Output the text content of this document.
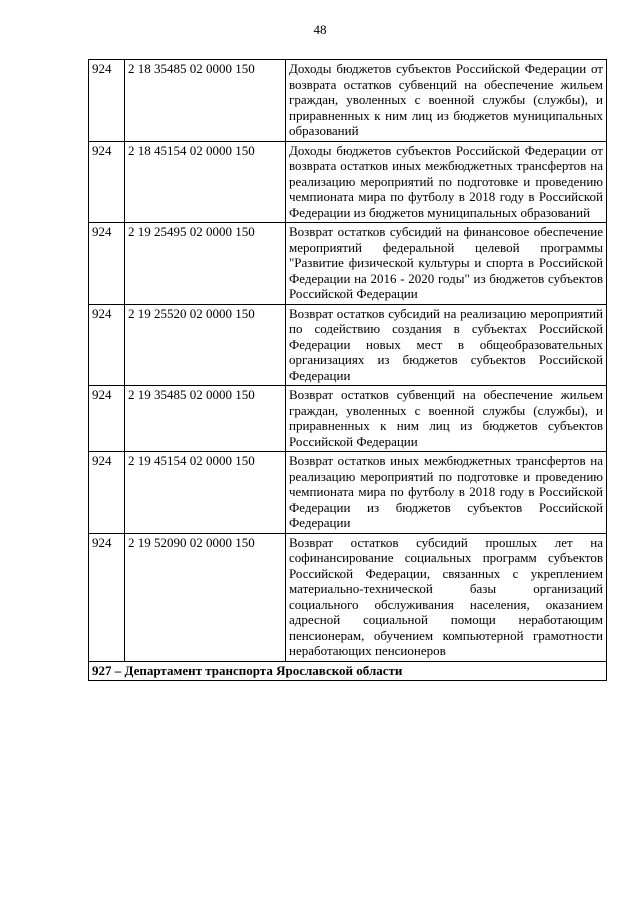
48
924	2 18 35485 02 0000 150	Доходы бюджетов субъектов Российской Федерации от возврата остатков субвенций на обеспечение жильем граждан, уволенных с военной службы (службы), и приравненных к ним лиц из бюджетов муниципальных образований
924	2 18 45154 02 0000 150	Доходы бюджетов субъектов Российской Федерации от возврата остатков иных межбюджетных трансфертов на реализацию мероприятий по подготовке и проведению чемпионата мира по футболу в 2018 году в Российской Федерации из бюджетов муниципальных образований
924	2 19 25495 02 0000 150	Возврат остатков субсидий на финансовое обеспечение мероприятий федеральной целевой программы "Развитие физической культуры и спорта в Российской Федерации на 2016 - 2020 годы" из бюджетов субъектов Российской Федерации
924	2 19 25520 02 0000 150	Возврат остатков субсидий на реализацию мероприятий по содействию создания в субъектах Российской Федерации новых мест в общеобразовательных организациях из бюджетов субъектов Российской Федерации
924	2 19 35485 02 0000 150	Возврат остатков субвенций на обеспечение жильем граждан, уволенных с военной службы (службы), и приравненных к ним лиц из бюджетов субъектов Российской Федерации
924	2 19 45154 02 0000 150	Возврат остатков иных межбюджетных трансфертов на реализацию мероприятий по подготовке и проведению чемпионата мира по футболу в 2018 году в Российской Федерации из бюджетов субъектов Российской Федерации
924	2 19 52090 02 0000 150	Возврат остатков субсидий прошлых лет на софинансирование социальных программ субъектов Российской Федерации, связанных с укреплением материально-технической базы организаций социального обслуживания населения, оказанием адресной социальной помощи неработающим пенсионерам, обучением компьютерной грамотности неработающих пенсионеров
927 – Департамент транспорта Ярославской области		
